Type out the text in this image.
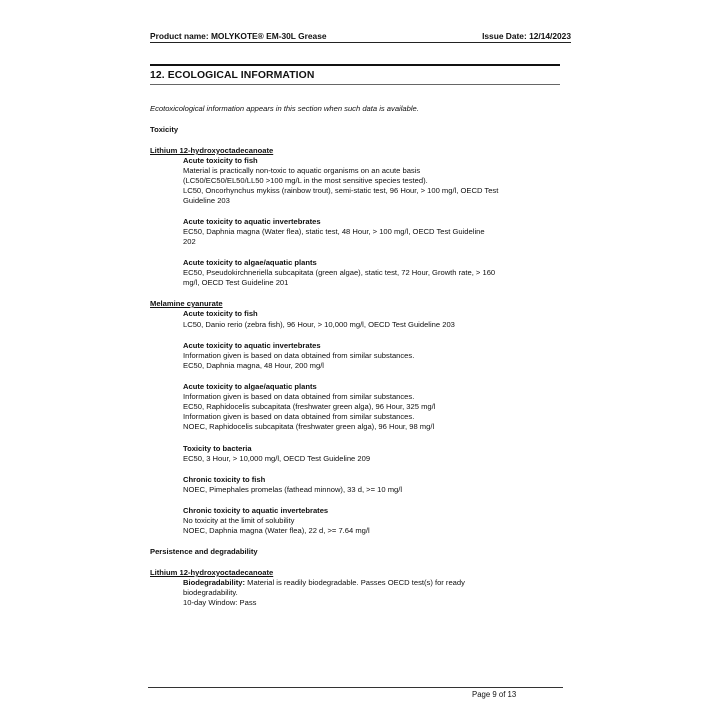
Product name: MOLYKOTE® EM-30L Grease	Issue Date: 12/14/2023
12. ECOLOGICAL INFORMATION
Ecotoxicological information appears in this section when such data is available.
Toxicity
Lithium 12-hydroxyoctadecanoate
Acute toxicity to fish
Material is practically non-toxic to aquatic organisms on an acute basis
(LC50/EC50/EL50/LL50 >100 mg/L in the most sensitive species tested).
LC50, Oncorhynchus mykiss (rainbow trout), semi-static test, 96 Hour, > 100 mg/l, OECD Test
Guideline 203
Acute toxicity to aquatic invertebrates
EC50, Daphnia magna (Water flea), static test, 48 Hour, > 100 mg/l, OECD Test Guideline
202
Acute toxicity to algae/aquatic plants
EC50, Pseudokirchneriella subcapitata (green algae), static test, 72 Hour, Growth rate, > 160
mg/l, OECD Test Guideline 201
Melamine cyanurate
Acute toxicity to fish
LC50, Danio rerio (zebra fish), 96 Hour, > 10,000 mg/l, OECD Test Guideline 203
Acute toxicity to aquatic invertebrates
Information given is based on data obtained from similar substances.
EC50, Daphnia magna, 48 Hour, 200 mg/l
Acute toxicity to algae/aquatic plants
Information given is based on data obtained from similar substances.
EC50, Raphidocelis subcapitata (freshwater green alga), 96 Hour, 325 mg/l
Information given is based on data obtained from similar substances.
NOEC, Raphidocelis subcapitata (freshwater green alga), 96 Hour, 98 mg/l
Toxicity to bacteria
EC50, 3 Hour, > 10,000 mg/l, OECD Test Guideline 209
Chronic toxicity to fish
NOEC, Pimephales promelas (fathead minnow), 33 d, >= 10 mg/l
Chronic toxicity to aquatic invertebrates
No toxicity at the limit of solubility
NOEC, Daphnia magna (Water flea), 22 d, >= 7.64 mg/l
Persistence and degradability
Lithium 12-hydroxyoctadecanoate
Biodegradability: Material is readily biodegradable. Passes OECD test(s) for ready
biodegradability.
10-day Window: Pass
Page 9 of 13
